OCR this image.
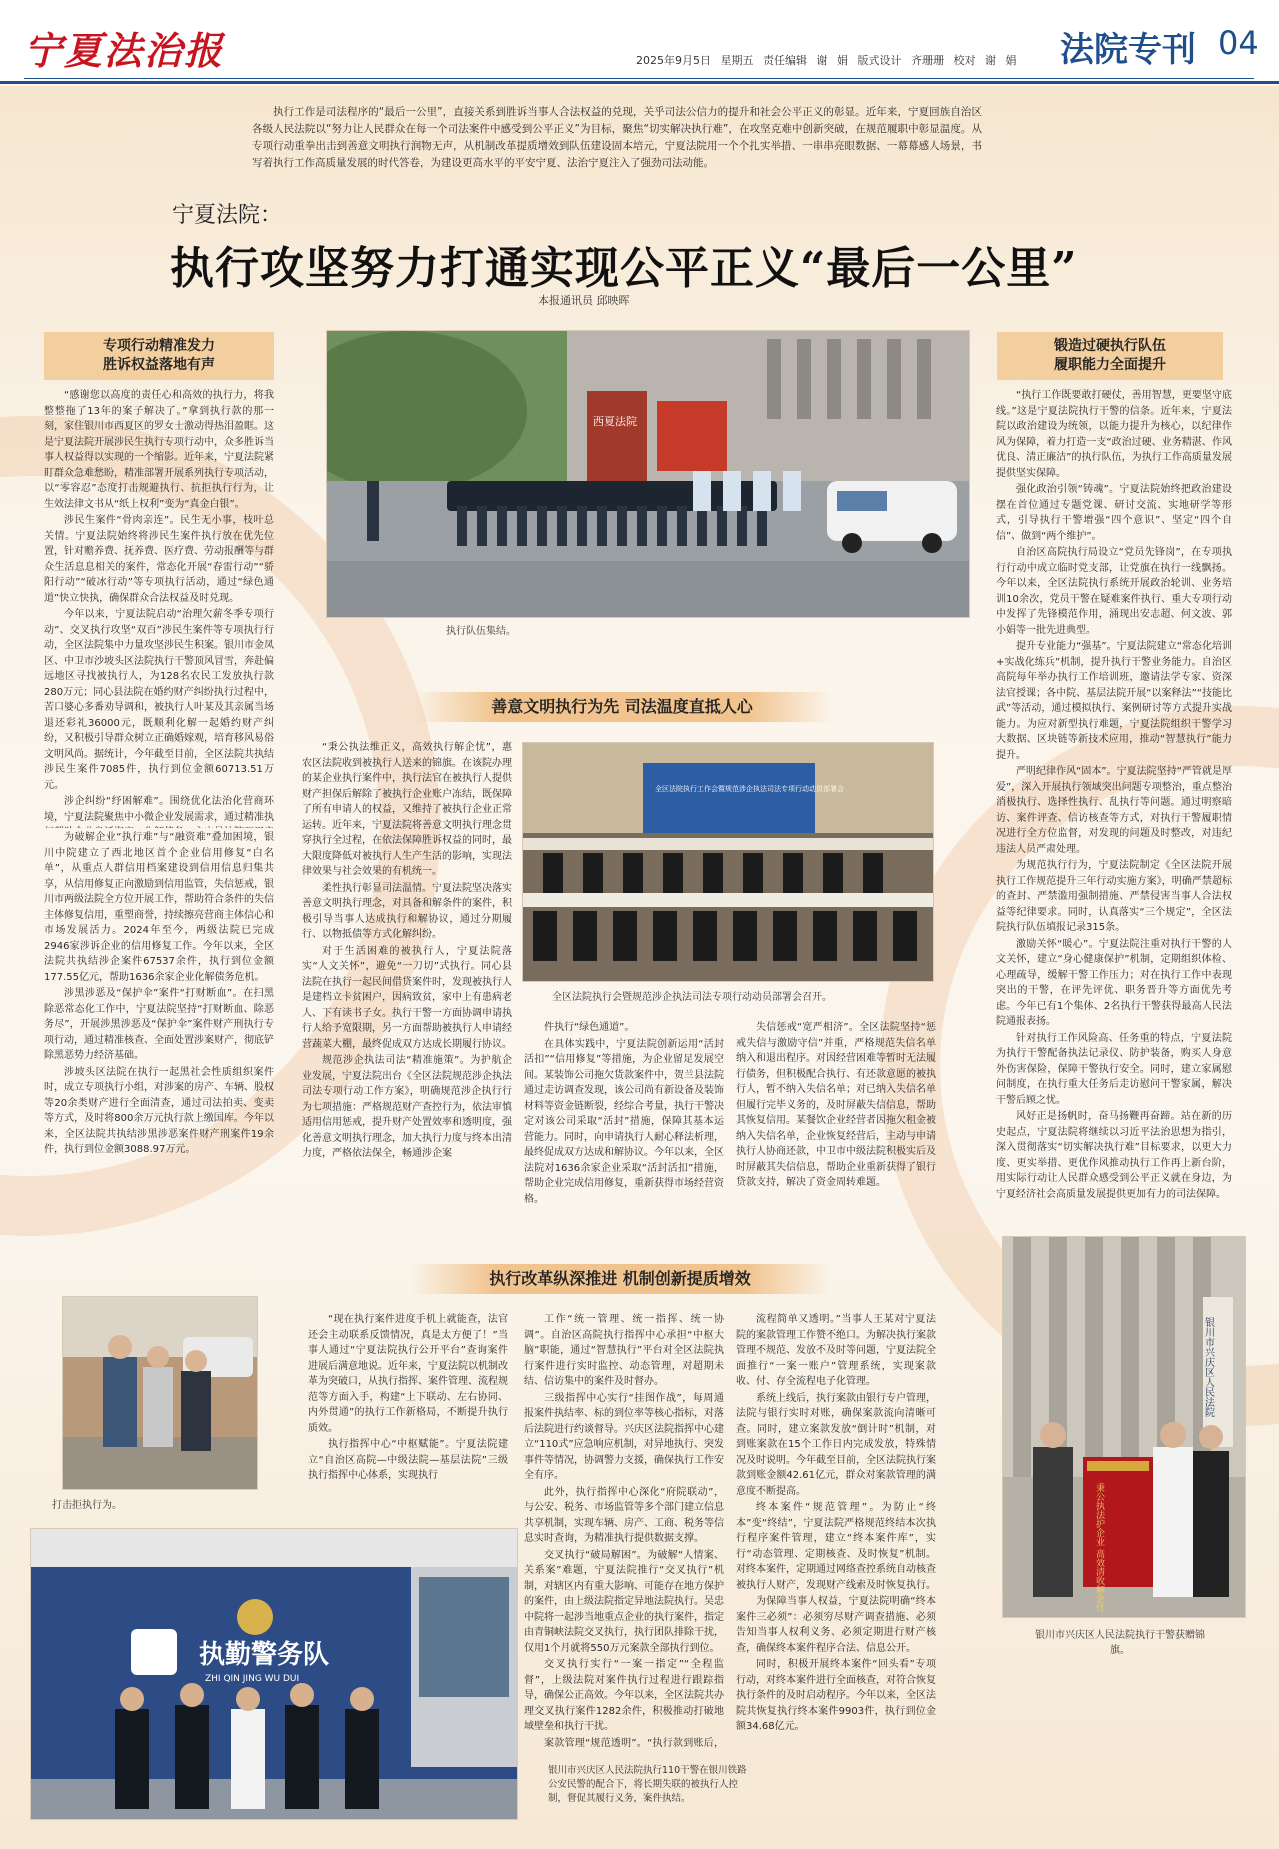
宁夏法治报	2025年9月5日 星期五 责任编辑 谢 娟 版式设计 齐珊珊 校对 谢 娟 法院专刊 04
执行工作是司法程序的“最后一公里”，直接关系到胜诉当事人合法权益的兑现，关乎司法公信力的提升和社会公平正义的彰显。近年来，宁夏回族自治区各级人民法院以“努力让人民群众在每一个司法案件中感受到公平正义”为目标，聚焦“切实解决执行难”，在攻坚克难中创新突破，在规范履职中彰显温度。从专项行动重拳出击到善意文明执行润物无声，从机制改革提质增效到队伍建设固本培元，宁夏法院用一个个扎实举措、一串串亮眼数据、一幕幕感人场景，书写着执行工作高质量发展的时代答卷，为建设更高水平的平安宁夏、法治宁夏注入了强劲司法动能。
宁夏法院：
执行攻坚努力打通实现公平正义“最后一公里”
本报通讯员 邱映晖
专项行动精准发力
胜诉权益落地有声
锻造过硬执行队伍
履职能力全面提升
善意文明执行为先 司法温度直抵人心
执行改革纵深推进 机制创新提质增效
西夏法院
执行队伍集结。
全区法院执行工作会暨规范涉企执法司法专项行动动员部署会
全区法院执行会暨规范涉企执法司法专项行动动员部署会召开。
打击拒执行为。
执勤警务队
ZHI QIN JING WU DUI
银川市兴庆区人民法院执行110干警在银川铁路公安民警的配合下，将长期失联的被执行人控制，督促其履行义务，案件执结。
银川市兴庆区人民法院
秉公执法护企业 高效清收解企忧
银川市兴庆区人民法院执行干警获赠锦旗。

“感谢您以高度的责任心和高效的执行力，将我整整拖了13年的案子解决了。”拿到执行款的那一刻，家住银川市西夏区的罗女士激动得热泪盈眶。这是宁夏法院开展涉民生执行专项行动中，众多胜诉当事人权益得以实现的一个缩影。近年来，宁夏法院紧盯群众急难愁盼，精准部署开展系列执行专项活动，以“零容忍”态度打击规避执行、抗拒执行行为，让生效法律文书从“纸上权利”变为“真金白银”。

涉民生案件“骨肉亲连”。民生无小事，枝叶总关情。宁夏法院始终将涉民生案件执行放在优先位置，针对赡养费、抚养费、医疗费、劳动报酬等与群众生活息息相关的案件，常态化开展“春雷行动”“骄阳行动”“破冰行动”等专项执行活动，通过“绿色通道”快立快执，确保群众合法权益及时兑现。

今年以来，宁夏法院启动“治理欠薪冬季专项行动”、交叉执行攻坚“双百”涉民生案件等专项执行行动，全区法院集中力量攻坚涉民生积案。银川市金凤区、中卫市沙坡头区法院执行干警顶风冒雪，奔赴偏远地区寻找被执行人，为128名农民工发放执行款280万元；同心县法院在婚约财产纠纷执行过程中，苦口婆心多番劝导调和，被执行人叶某及其亲属当场退还彩礼36000元，既顺利化解一起婚约财产纠纷，又积极引导群众树立正确婚嫁观，培育移风易俗文明风尚。据统计，今年截至目前，全区法院共执结涉民生案件7085件，执行到位金额60713.51万元。

涉企纠纷“纾困解难”。围绕优化法治化营商环境，宁夏法院聚焦中小微企业发展需求，通过精准执

为破解企业“执行难”与“融资难”叠加困境，银川中院建立了西北地区首个企业信用修复“白名单”，从重点人群信用档案建设到信用信息归集共享，从信用修复正向激励到信用监管，失信惩戒，银川市两级法院全方位开展工作，帮助符合条件的失信主体修复信用，重塑商誉，持续擦亮营商主体信心和市场发展活力。2024年至今，两级法院已完成2946家涉诉企业的信用修复工作。今年以来，全区法院共执结涉企案件67537余件，执行到位金额177.55亿元，帮助1636余家企业化解债务危机。

涉黑涉恶及“保护伞”案件“打财断血”。在扫黑除恶常态化工作中，宁夏法院坚持“打财断血、除恶务尽”，开展涉黑涉恶及“保护伞”案件财产刑执行专项行动，通过精准核查、全面处置涉案财产，彻底铲除黑恶势力经济基础。

涉坡头区法院在执行一起黑社会性质组织案件时，成立专项执行小组，对涉案的房产、车辆、股权等20余类财产进行全面清查，通过司法拍卖、变卖等方式，及时将800余万元执行款上缴国库。今年以来，全区法院共执结涉黑涉恶案件财产刑案件19余件，执行到位金额3088.97万元。

“秉公执法维正义，高效执行解企忧”，惠农区法院收到被执行人送来的锦旗。在该院办理的某企业执行案件中，执行法官在被执行人提供财产担保后解除了被执行企业账户冻结，既保障了所有申请人的权益，又维持了被执行企业正常运转。近年来，宁夏法院将善意文明执行理念贯穿执行全过程，在依法保障胜诉权益的同时，最大限度降低对被执行人生产生活的影响，实现法律效果与社会效果的有机统一。

柔性执行彰显司法温情。宁夏法院坚决落实善意文明执行理念，对具备和解条件的案件，积极引导当事人达成执行和解协议，通过分期履行、以物抵债等方式化解纠纷。

对于生活困难的被执行人，宁夏法院落实“人文关怀”，避免“一刀切”式执行。同心县法院在执行一起民间借贷案件时，发现被执行人是建档立卡贫困户，因病致贫，家中上有患病老人、下有读书子女。执行干警一方面协调申请执行人给予宽限期，另一方面帮助被执行人申请经营蔬菜大棚，最终促成双方达成长期履行协议。

规范涉企执法司法“精准施策”。为护航企业发展，宁夏法院出台《全区法院规范涉企执法司法专项行动工作方案》，明确规范涉企执行行为七项措施：严格规范财产查控行为，依法审慎适用信用惩戒，提升财产处置效率和透明度，强化善意文明执行理念，加大执行力度与终本出清力度，严格依法保全，畅通涉企案

件执行“绿色通道”。

在具体实践中，宁夏法院创新运用“活封活扣”“信用修复”等措施，为企业留足发展空间。某装饰公司拖欠货款案件中，贺兰县法院通过走访调查发现，该公司尚有新设备及装饰材料等资金链断裂，经综合考量，执行干警决定对该公司采取“活封”措施，保障其基本运营能力。同时，向申请执行人耐心释法析理，最终促成双方达成和解协议。今年以来，全区法院对1636余家企业采取“活封活扣”措施，帮助企业完成信用修复，重新获得市场经营资格。

失信惩戒“宽严相济”。全区法院坚持“惩戒失信与激励守信”并重，严格规范失信名单纳入和退出程序。对因经营困难等暂时无法履行债务，但积极配合执行、有还款意愿的被执行人，暂不纳入失信名单；对已纳入失信名单但履行完毕义务的，及时屏蔽失信信息，帮助其恢复信用。某餐饮企业经营者因拖欠租金被纳入失信名单，企业恢复经营后，主动与申请执行人协商还款，中卫市中级法院积极实后及时屏蔽其失信信息，帮助企业重新获得了银行贷款支持，解决了资金周转难题。

“执行工作既要敢打硬仗，善用智慧，更要坚守底线。”这是宁夏法院执行干警的信条。近年来，宁夏法院以政治建设为统领，以能力提升为核心，以纪律作风为保障，着力打造一支“政治过硬、业务精湛、作风优良、清正廉洁”的执行队伍，为执行工作高质量发展提供坚实保障。

强化政治引领“铸魂”。宁夏法院始终把政治建设摆在首位通过专题党课、研讨交流、实地研学等形式，引导执行干警增强“四个意识”、坚定“四个自信”、做到“两个维护”。

自治区高院执行局设立“党员先锋岗”，在专项执行行动中成立临时党支部，让党旗在执行一线飘扬。今年以来，全区法院执行系统开展政治轮训、业务培训10余次，党员干警在疑难案件执行、重大专项行动中发挥了先锋模范作用，涌现出安志超、何文波、郭小娟等一批先进典型。

提升专业能力“强基”。宁夏法院建立“常态化培训+实战化练兵”机制，提升执行干警业务能力。自治区高院每年举办执行工作培训班，邀请法学专家、资深法官授课；各中院、基层法院开展“以案释法”“技能比武”等活动，通过模拟执行、案例研讨等方式提升实战能力。为应对新型执行难题，宁夏法院组织干警学习大数据、区块链等新技术应用，推动“智慧执行”能力提升。

严明纪律作风“固本”。宁夏法院坚持“严管就是厚爱”，深入开展执行领域突出问题专项整治，重点整治消极执行、选择性执行、乱执行等问题。通过明察暗访、案件评查、信访核查等方式，对执行干警履职情况进行全方位监督，对发现的问题及时整改，对违纪违法人员严肃处理。

为规范执行行为，宁夏法院制定《全区法院开展执行工作规范提升三年行动实施方案》，明确严禁超标的查封、严禁滥用强制措施、严禁侵害当事人合法权益等纪律要求。同时，认真落实“三个规定”，全区法院执行队伍填报记录315条。

激励关怀“暖心”。宁夏法院注重对执行干警的人文关怀，建立“身心健康保护”机制，定期组织体检、心理疏导，缓解干警工作压力；对在执行工作中表现突出的干警，在评先评优、职务晋升等方面优先考虑。今年已有1个集体、2名执行干警获得最高人民法院通报表扬。

针对执行工作风险高、任务重的特点，宁夏法院为执行干警配备执法记录仪、防护装备，购买人身意外伤害保险，保障干警执行安全。同时，建立家属慰问制度，在执行重大任务后走访慰问干警家属，解决干警后顾之忧。

风好正是扬帆时，奋马扬鞭再奋蹄。站在新的历史起点，宁夏法院将继续以习近平法治思想为指引，深入贯彻落实“切实解决执行难”目标要求，以更大力度、更实举措、更优作风推动执行工作再上新台阶，用实际行动让人民群众感受到公平正义就在身边，为宁夏经济社会高质量发展提供更加有力的司法保障。

“现在执行案件进度手机上就能查，法官还会主动联系反馈情况，真是太方便了！”当事人通过“宁夏法院执行公开平台”查询案件进展后满意地说。近年来，宁夏法院以机制改革为突破口，从执行指挥、案件管理、流程规范等方面入手，构建“上下联动、左右协同、内外贯通”的执行工作新格局，不断提升执行质效。

执行指挥中心“中枢赋能”。宁夏法院建立“自治区高院—中级法院—基层法院”三级执行指挥中心体系，实现执行

工作“统一管理、统一指挥、统一协调”。自治区高院执行指挥中心承担“中枢大脑”职能，通过“智慧执行”平台对全区法院执行案件进行实时监控、动态管理，对超期未结、信访集中的案件及时督办。

三级指挥中心实行“挂图作战”，每周通报案件执结率、标的到位率等核心指标，对落后法院进行约谈督导。兴庆区法院指挥中心建立“110式”应急响应机制，对异地执行、突发事件等情况，协调警力支援，确保执行工作安全有序。

此外，执行指挥中心深化“府院联动”，与公安、税务、市场监管等多个部门建立信息共享机制，实现车辆、房产、工商、税务等信息实时查询，为精准执行提供数据支撑。

交叉执行“破局解困”。为破解“人情案、关系案”难题，宁夏法院推行“交叉执行”机制，对辖区内有重大影响、可能存在地方保护的案件，由上级法院指定异地法院执行。吴忠中院将一起涉当地重点企业的执行案件，指定由青铜峡法院交叉执行，执行团队排除干扰，仅用1个月就将550万元案款全部执行到位。

交叉执行实行“一案一指定”“全程监督”，上级法院对案件执行过程进行跟踪指导，确保公正高效。今年以来，全区法院共办理交叉执行案件1282余件，积极推动打破地域壁垒和执行干扰。

案款管理“规范透明”。“执行款到账后，

流程简单又透明。”当事人王某对宁夏法院的案款管理工作赞不绝口。为解决执行案款管理不规范、发放不及时等问题，宁夏法院全面推行“一案一账户”管理系统，实现案款收、付、存全流程电子化管理。

系统上线后，执行案款由银行专户管理，法院与银行实时对账，确保案款流向清晰可查。同时，建立案款发放“倒计时”机制，对到账案款在15个工作日内完成发放，特殊情况及时说明。今年截至目前，全区法院执行案款到账金额42.61亿元，群众对案款管理的满意度不断提高。

终本案件“规范管理”。为防止“终本”变“终结”，宁夏法院严格规范终结本次执行程序案件管理，建立“终本案件库”，实行“动态管理、定期核查、及时恢复”机制。对终本案件，定期通过网络查控系统自动核查被执行人财产，发现财产线索及时恢复执行。

为保障当事人权益，宁夏法院明确“终本案件三必须”：必须穷尽财产调查措施、必须告知当事人权利义务、必须定期进行财产核查，确保终本案件程序合法、信息公开。

同时，积极开展终本案件“回头看”专项行动，对终本案件进行全面核查，对符合恢复执行条件的及时启动程序。今年以来，全区法院共恢复执行终本案件9903件，执行到位金额34.68亿元。
